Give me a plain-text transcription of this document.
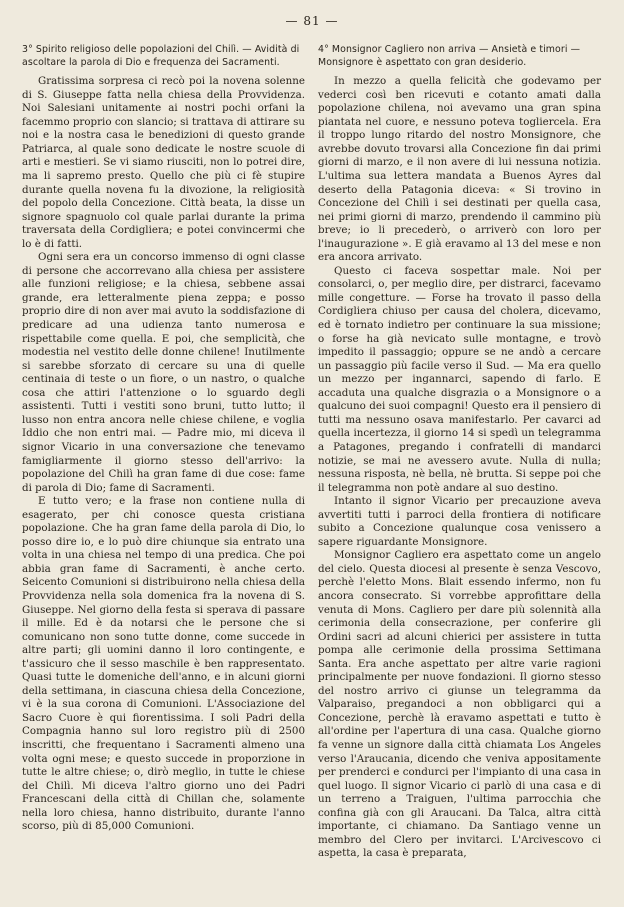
— 81 —

3° Spirito religioso delle popolazioni del Chilì. — Avidità di ascoltare la parola di Dio e frequenza dei Sacramenti.

Gratissima sorpresa ci recò poi la novena solenne di S. Giuseppe fatta nella chiesa della Provvidenza. Noi Salesiani unitamente ai nostri pochi orfani la facemmo proprio con slancio; si trattava di attirare su noi e la nostra casa le benedizioni di questo grande Patriarca, al quale sono dedicate le nostre scuole di arti e mestieri. Se vi siamo riusciti, non lo potrei dire, ma li sapremo presto. Quello che più ci fè stupire durante quella novena fu la divozione, la religiosità del popolo della Concezione. Città beata, la disse un signore spagnuolo col quale parlai durante la prima traversata della Cordigliera; e potei convincermi che lo è di fatti.

Ogni sera era un concorso immenso di ogni classe di persone che accorrevano alla chiesa per assistere alle funzioni religiose; e la chiesa, sebbene assai grande, era letteralmente piena zeppa; e posso proprio dire di non aver mai avuto la soddisfazione di predicare ad una udienza tanto numerosa e rispettabile come quella. E poi, che semplicità, che modestia nel vestito delle donne chilene! Inutilmente si sarebbe sforzato di cercare su una di quelle centinaia di teste o un fiore, o un nastro, o qualche cosa che attiri l'attenzione o lo sguardo degli assistenti. Tutti i vestiti sono bruni, tutto lutto; il lusso non entra ancora nelle chiese chilene, e voglia Iddio che non entri mai. — Padre mio, mi diceva il signor Vicario in una conversazione che tenevamo famigliarmente il giorno stesso dell'arrivo: la popolazione del Chilì ha gran fame di due cose: fame di parola di Dio; fame di Sacramenti.

E tutto vero; e la frase non contiene nulla di esagerato, per chi conosce questa cristiana popolazione. Che ha gran fame della parola di Dio, lo posso dire io, e lo può dire chiunque sia entrato una volta in una chiesa nel tempo di una predica. Che poi abbia gran fame di Sacramenti, è anche certo. Seicento Comunioni si distribuirono nella chiesa della Provvidenza nella sola domenica fra la novena di S. Giuseppe. Nel giorno della festa si sperava di passare il mille. Ed è da notarsi che le persone che si comunicano non sono tutte donne, come succede in altre parti; gli uomini danno il loro contingente, e t'assicuro che il sesso maschile è ben rappresentato. Quasi tutte le domeniche dell'anno, e in alcuni giorni della settimana, in ciascuna chiesa della Concezione, vi è la sua corona di Comunioni. L'Associazione del Sacro Cuore è qui fiorentissima. I soli Padri della Compagnia hanno sul loro registro più di 2500 inscritti, che frequentano i Sacramenti almeno una volta ogni mese; e questo succede in proporzione in tutte le altre chiese; o, dirò meglio, in tutte le chiese del Chilì. Mi diceva l'altro giorno uno dei Padri Francescani della città di Chillan che, solamente nella loro chiesa, hanno distribuito, durante l'anno scorso, più di 85,000 Comunioni.

4° Monsignor Cagliero non arriva — Ansietà e timori — Monsignore è aspettato con gran desiderio.

In mezzo a quella felicità che godevamo per vederci così ben ricevuti e cotanto amati dalla popolazione chilena, noi avevamo una gran spina piantata nel cuore, e nessuno poteva togliercela. Era il troppo lungo ritardo del nostro Monsignore, che avrebbe dovuto trovarsi alla Concezione fin dai primi giorni di marzo, e il non avere di lui nessuna notizia. L'ultima sua lettera mandata a Buenos Ayres dal deserto della Patagonia diceva: « Si trovino in Concezione del Chilì i sei destinati per quella casa, nei primi giorni di marzo, prendendo il cammino più breve; io li precederò, o arriverò con loro per l'inaugurazione ». E già eravamo al 13 del mese e non era ancora arrivato.

Questo ci faceva sospettar male. Noi per consolarci, o, per meglio dire, per distrarci, facevamo mille congetture. — Forse ha trovato il passo della Cordigliera chiuso per causa del cholera, dicevamo, ed è tornato indietro per continuare la sua missione; o forse ha già nevicato sulle montagne, e trovò impedito il passaggio; oppure se ne andò a cercare un passaggio più facile verso il Sud. — Ma era quello un mezzo per ingannarci, sapendo di farlo. E accaduta una qualche disgrazia o a Monsignore o a qualcuno dei suoi compagni! Questo era il pensiero di tutti ma nessuno osava manifestarlo. Per cavarci ad quella incertezza, il giorno 14 si spedì un telegramma a Patagones, pregando i confratelli di mandarci notizie, se mai ne avessero avute. Nulla di nulla; nessuna risposta, nè bella, nè brutta. Si seppe poi che il telegramma non potè andare al suo destino.

Intanto il signor Vicario per precauzione aveva avvertiti tutti i parroci della frontiera di notificare subito a Concezione qualunque cosa venissero a sapere riguardante Monsignore.

Monsignor Cagliero era aspettato come un angelo del cielo. Questa diocesi al presente è senza Vescovo, perchè l'eletto Mons. Blait essendo infermo, non fu ancora consecrato. Si vorrebbe approfittare della venuta di Mons. Cagliero per dare più solennità alla cerimonia della consecrazione, per conferire gli Ordini sacri ad alcuni chierici per assistere in tutta pompa alle cerimonie della prossima Settimana Santa. Era anche aspettato per altre varie ragioni principalmente per nuove fondazioni. Il giorno stesso del nostro arrivo ci giunse un telegramma da Valparaiso, pregandoci a non obbligarci qui a Concezione, perchè là eravamo aspettati e tutto è all'ordine per l'apertura di una casa. Qualche giorno fa venne un signore dalla città chiamata Los Angeles verso l'Araucania, dicendo che veniva appositamente per prenderci e condurci per l'impianto di una casa in quel luogo. Il signor Vicario ci parlò di una casa e di un terreno a Traiguen, l'ultima parrocchia che confina già con gli Araucani. Da Talca, altra città importante, ci chiamano. Da Santiago venne un membro del Clero per invitarci. L'Arcivescovo ci aspetta, la casa è preparata,
